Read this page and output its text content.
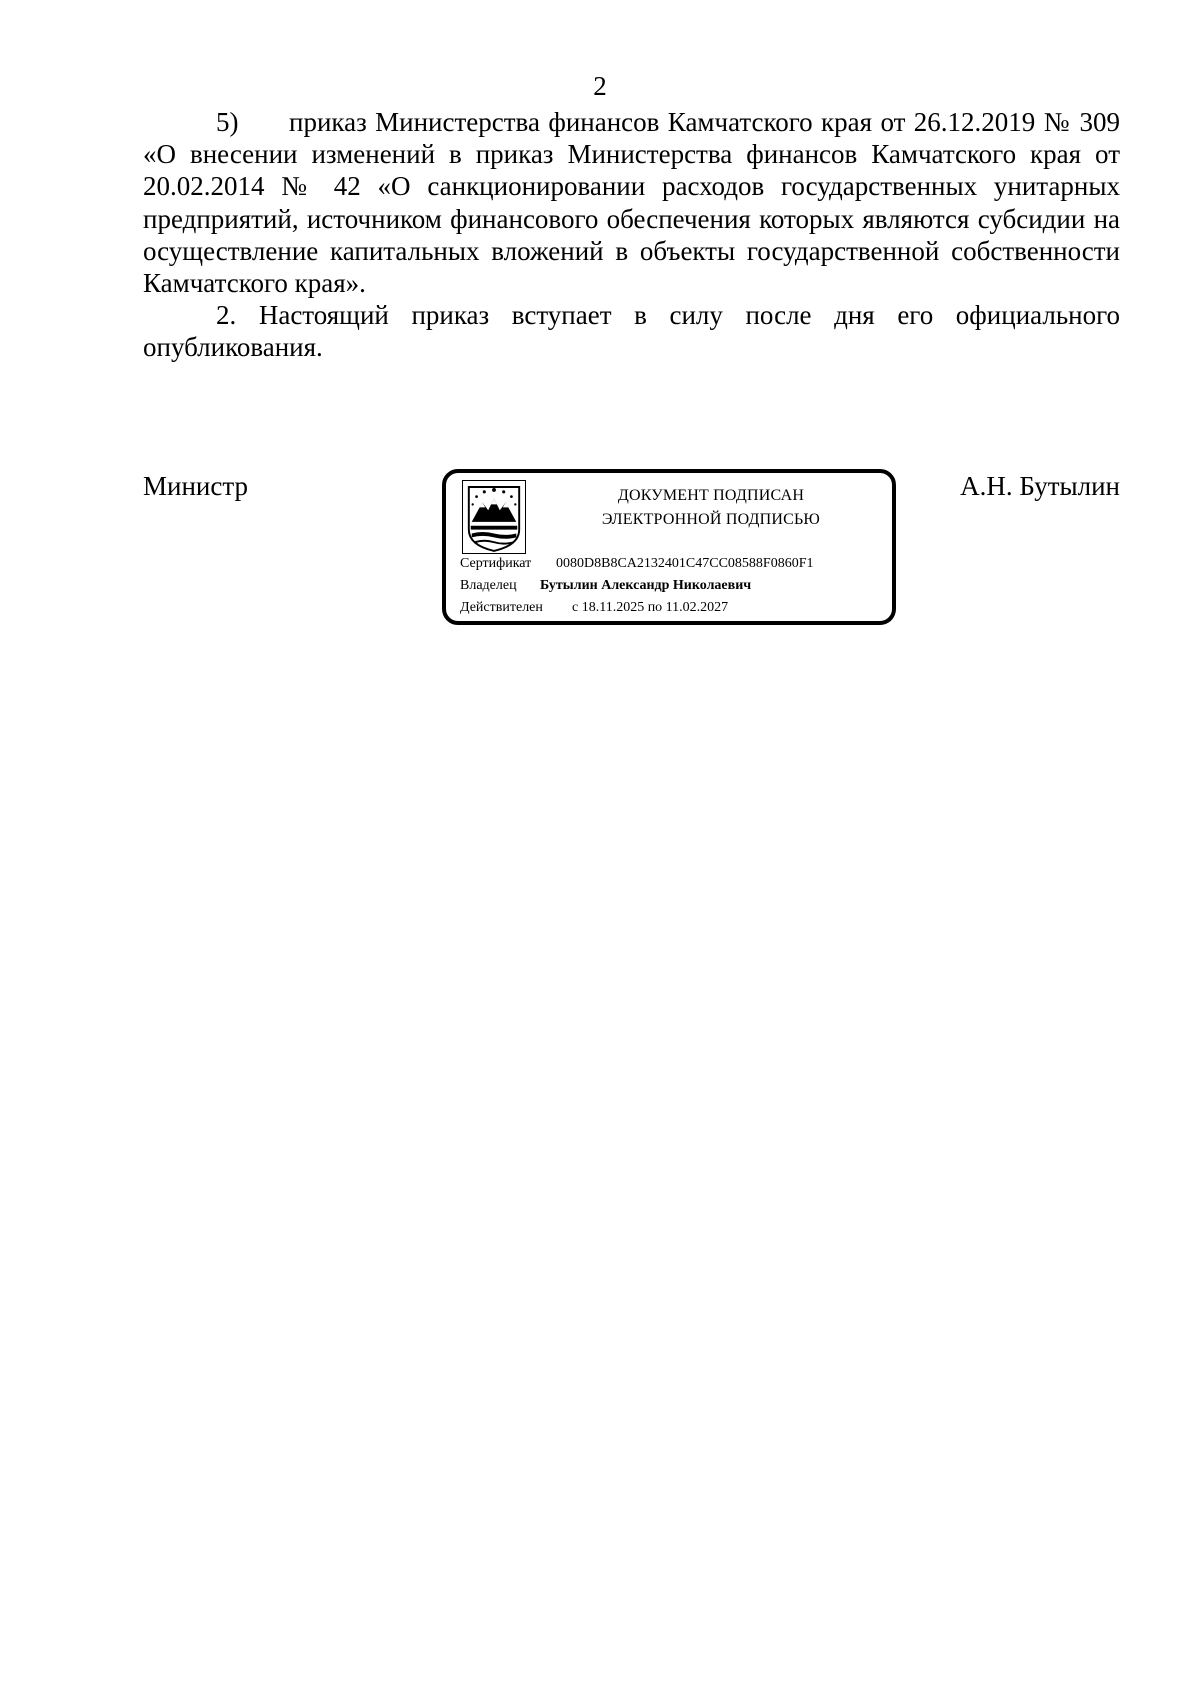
2

5) приказ Министерства финансов Камчатского края от 26.12.2019 № 309 «О внесении изменений в приказ Министерства финансов Камчатского края от 20.02.2014 № 42 «О санкционировании расходов государственных унитарных предприятий, источником финансового обеспечения которых являются субсидии на осуществление капитальных вложений в объекты государственной собственности Камчатского края».

2. Настоящий приказ вступает в силу после дня его официального опубликования.

Министр	А.Н. Бутылин
ДОКУМЕНТ ПОДПИСАН
ЭЛЕКТРОННОЙ ПОДПИСЬЮ
Сертификат 0080D8B8CA2132401C47CC08588F0860F1
Владелец Бутылин Александр Николаевич
Действителен с 18.11.2025 по 11.02.2027
